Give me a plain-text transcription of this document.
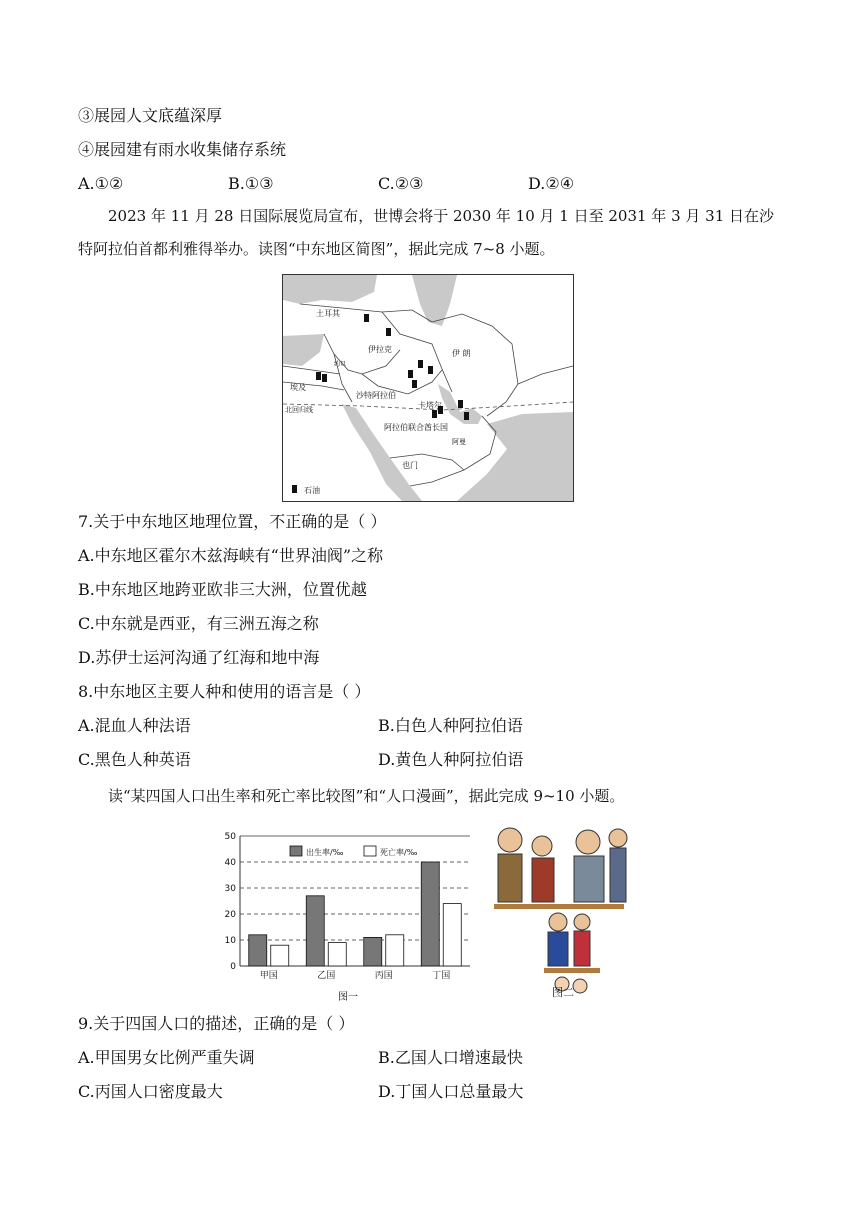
③展园人文底蕴深厚
④展园建有雨水收集储存系统
A.①②	B.①③	C.②③	D.②④
2023 年 11 月 28 日国际展览局宣布，世博会将于 2030 年 10 月 1 日至 2031 年 3 月 31 日在沙特阿拉伯首都利雅得举办。读图“中东地区简图”，据此完成 7~8 小题。
土耳其
伊拉克	伊 朗
约旦
埃及
沙特阿拉伯
卡塔尔
阿拉伯联合酋长国
阿曼
也门
北回归线
石油
7.关于中东地区地理位置，不正确的是（ ）
A.中东地区霍尔木兹海峡有“世界油阀”之称
B.中东地区地跨亚欧非三大洲，位置优越
C.中东就是西亚，有三洲五海之称
D.苏伊士运河沟通了红海和地中海
8.中东地区主要人种和使用的语言是（ ）
A.混血人种法语	B.白色人种阿拉伯语
C.黑色人种英语	D.黄色人种阿拉伯语
读“某四国人口出生率和死亡率比较图”和“人口漫画”，据此完成 9~10 小题。
0
10
20
30
40
50
甲国	乙国	丙国	丁国
出生率/‰	死亡率/‰
图一	图二
9.关于四国人口的描述，正确的是（ ）
A.甲国男女比例严重失调	B.乙国人口增速最快
C.丙国人口密度最大	D.丁国人口总量最大
